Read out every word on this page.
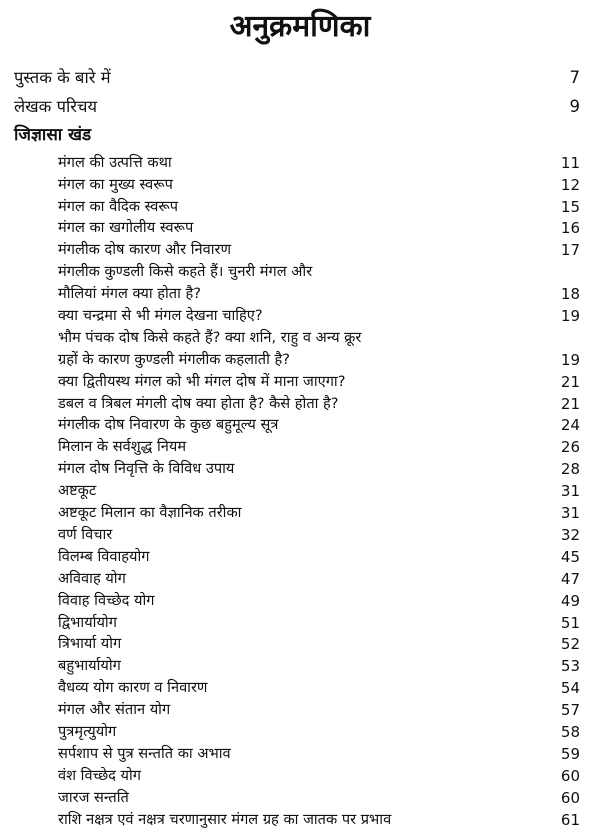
अनुक्रमणिका
पुस्तक के बारे में	7
लेखक परिचय	9
जिज्ञासा खंड
मंगल की उत्पत्ति कथा	11
मंगल का मुख्य स्वरूप	12
मंगल का वैदिक स्वरूप	15
मंगल का खगोलीय स्वरूप	16
मंगलीक दोष कारण और निवारण	17
मंगलीक कुण्डली किसे कहते हैं। चुनरी मंगल और
मौलियां मंगल क्या होता है?	18
क्या चन्द्रमा से भी मंगल देखना चाहिए?	19
भौम पंचक दोष किसे कहते हैं? क्या शनि, राहु व अन्य क्रूर
ग्रहों के कारण कुण्डली मंगलीक कहलाती है?	19
क्या द्वितीयस्थ मंगल को भी मंगल दोष में माना जाएगा?	21
डबल व त्रिबल मंगली दोष क्या होता है? कैसे होता है?	21
मंगलीक दोष निवारण के कुछ बहुमूल्य सूत्र	24
मिलान के सर्वशुद्ध नियम	26
मंगल दोष निवृत्ति के विविध उपाय	28
अष्टकूट	31
अष्टकूट मिलान का वैज्ञानिक तरीका	31
वर्ण विचार	32
विलम्ब विवाहयोग	45
अविवाह योग	47
विवाह विच्छेद योग	49
द्विभार्यायोग	51
त्रिभार्या योग	52
बहुभार्यायोग	53
वैधव्य योग कारण व निवारण	54
मंगल और संतान योग	57
पुत्रमृत्युयोग	58
सर्पशाप से पुत्र सन्तति का अभाव	59
वंश विच्छेद योग	60
जारज सन्तति	60
राशि नक्षत्र एवं नक्षत्र चरणानुसार मंगल ग्रह का जातक पर प्रभाव	61
